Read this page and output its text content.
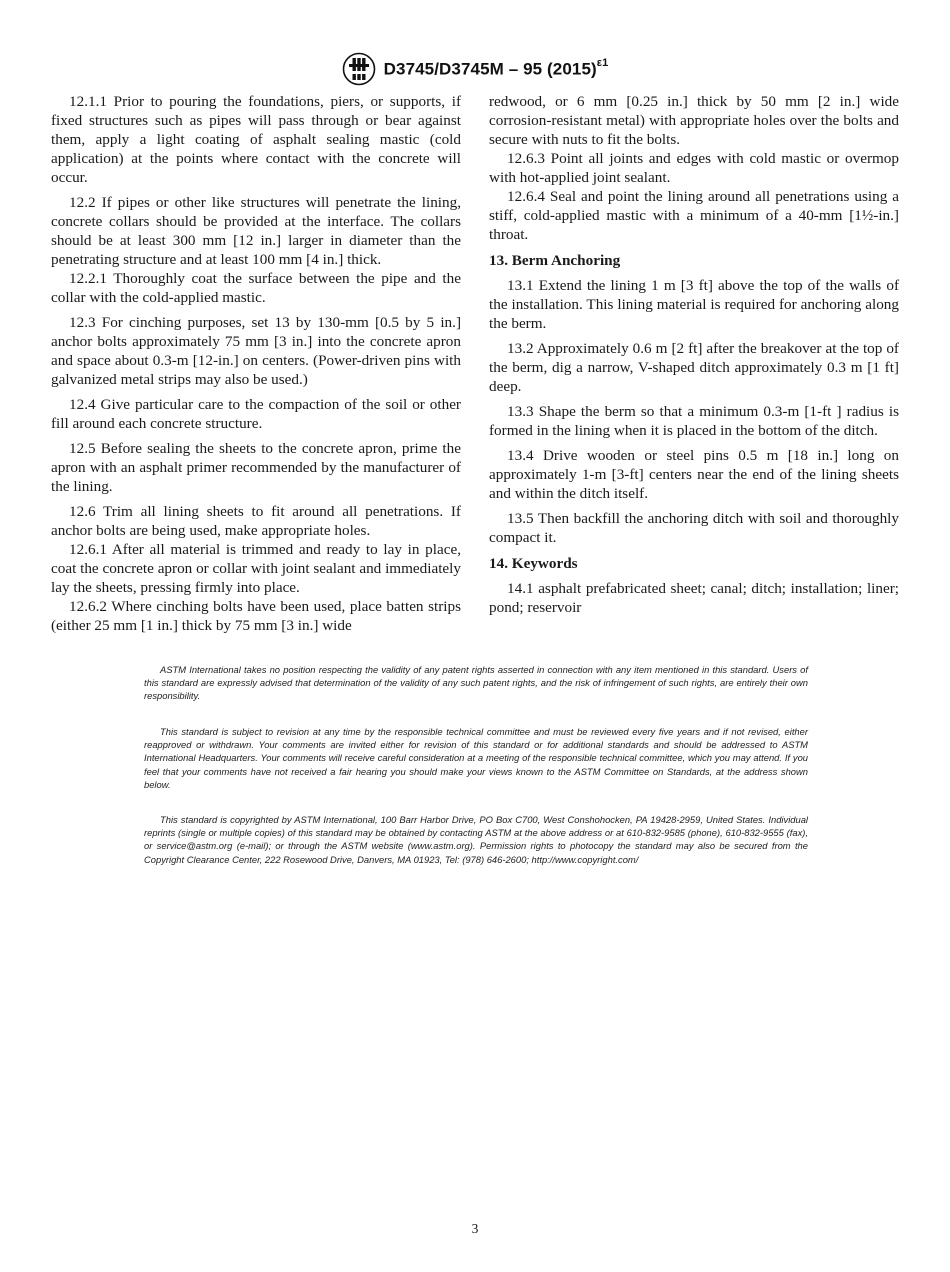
D3745/D3745M – 95 $(2015)^{\varepsilon 1}$

12.1.1 Prior to pouring the foundations, piers, or supports, if fixed structures such as pipes will pass through or bear against them, apply a light coating of asphalt sealing mastic (cold application) at the points where contact with the concrete will occur.

12.2 If pipes or other like structures will penetrate the lining, concrete collars should be provided at the interface. The collars should be at least 300 mm [12 in.] larger in diameter than the penetrating structure and at least 100 mm [4 in.] thick.

12.2.1 Thoroughly coat the surface between the pipe and the collar with the cold-applied mastic.

12.3 For cinching purposes, set 13 by 130-mm [0.5 by 5 in.] anchor bolts approximately 75 mm [3 in.] into the concrete apron and space about 0.3-m [12-in.] on centers. (Power-driven pins with galvanized metal strips may also be used.)

12.4 Give particular care to the compaction of the soil or other fill around each concrete structure.

12.5 Before sealing the sheets to the concrete apron, prime the apron with an asphalt primer recommended by the manufacturer of the lining.

12.6 Trim all lining sheets to fit around all penetrations. If anchor bolts are being used, make appropriate holes.

12.6.1 After all material is trimmed and ready to lay in place, coat the concrete apron or collar with joint sealant and immediately lay the sheets, pressing firmly into place.

12.6.2 Where cinching bolts have been used, place batten strips (either 25 mm [1 in.] thick by 75 mm [3 in.] wide

redwood, or 6 mm [0.25 in.] thick by 50 mm [2 in.] wide corrosion-resistant metal) with appropriate holes over the bolts and secure with nuts to fit the bolts.

12.6.3 Point all joints and edges with cold mastic or overmop with hot-applied joint sealant.

12.6.4 Seal and point the lining around all penetrations using a stiff, cold-applied mastic with a minimum of a 40-mm [1½-in.] throat.

13. Berm Anchoring

13.1 Extend the lining 1 m [3 ft] above the top of the walls of the installation. This lining material is required for anchoring along the berm.

13.2 Approximately 0.6 m [2 ft] after the breakover at the top of the berm, dig a narrow, V-shaped ditch approximately 0.3 m [1 ft] deep.

13.3 Shape the berm so that a minimum 0.3-m [1-ft ] radius is formed in the lining when it is placed in the bottom of the ditch.

13.4 Drive wooden or steel pins 0.5 m [18 in.] long on approximately 1-m [3-ft] centers near the end of the lining sheets and within the ditch itself.

13.5 Then backfill the anchoring ditch with soil and thoroughly compact it.

14. Keywords

14.1 asphalt prefabricated sheet; canal; ditch; installation; liner; pond; reservoir

ASTM International takes no position respecting the validity of any patent rights asserted in connection with any item mentioned in this standard. Users of this standard are expressly advised that determination of the validity of any such patent rights, and the risk of infringement of such rights, are entirely their own responsibility.

This standard is subject to revision at any time by the responsible technical committee and must be reviewed every five years and if not revised, either reapproved or withdrawn. Your comments are invited either for revision of this standard or for additional standards and should be addressed to ASTM International Headquarters. Your comments will receive careful consideration at a meeting of the responsible technical committee, which you may attend. If you feel that your comments have not received a fair hearing you should make your views known to the ASTM Committee on Standards, at the address shown below.

This standard is copyrighted by ASTM International, 100 Barr Harbor Drive, PO Box C700, West Conshohocken, PA 19428-2959, United States. Individual reprints (single or multiple copies) of this standard may be obtained by contacting ASTM at the above address or at 610-832-9585 (phone), 610-832-9555 (fax), or service@astm.org (e-mail); or through the ASTM website (www.astm.org). Permission rights to photocopy the standard may also be secured from the Copyright Clearance Center, 222 Rosewood Drive, Danvers, MA 01923, Tel: (978) 646-2600; http://www.copyright.com/

3
